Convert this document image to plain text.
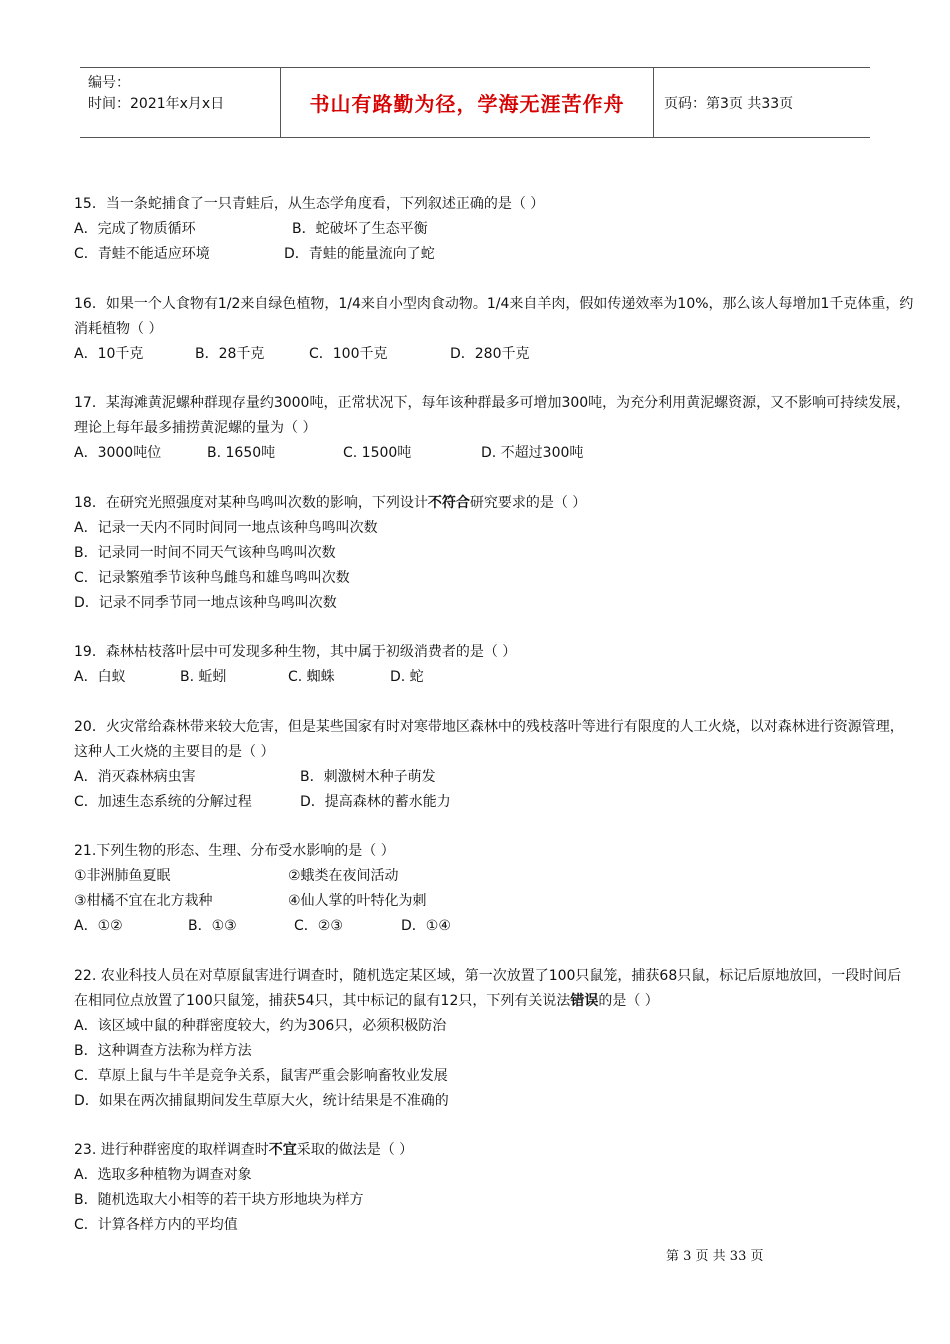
编号：
时间：2021年x月x日	书山有路勤为径，学海无涯苦作舟	页码：第3页 共33页
15．当一条蛇捕食了一只青蛙后，从生态学角度看，下列叙述正确的是（ ）
A．完成了物质循环	B．蛇破坏了生态平衡
C．青蛙不能适应环境	D．青蛙的能量流向了蛇
16．如果一个人食物有1/2来自绿色植物，1/4来自小型肉食动物。1/4来自羊肉，假如传递效率为10%，那么该人每增加1千克体重，约消耗植物（ ）
A．10千克	B．28千克	C．100千克	D．280千克
17．某海滩黄泥螺种群现存量约3000吨，正常状况下，每年该种群最多可增加300吨，为充分利用黄泥螺资源，又不影响可持续发展，理论上每年最多捕捞黄泥螺的量为（ ）
A．3000吨位	B. 1650吨	C. 1500吨	D. 不超过300吨
18．在研究光照强度对某种鸟鸣叫次数的影响，下列设计不符合研究要求的是（ ）
A．记录一天内不同时间同一地点该种鸟鸣叫次数
B．记录同一时间不同天气该种鸟鸣叫次数
C．记录繁殖季节该种鸟雌鸟和雄鸟鸣叫次数
D．记录不同季节同一地点该种鸟鸣叫次数
19．森林枯枝落叶层中可发现多种生物，其中属于初级消费者的是（ ）
A．白蚁	B. 蚯蚓	C. 蜘蛛	D. 蛇
20．火灾常给森林带来较大危害，但是某些国家有时对寒带地区森林中的残枝落叶等进行有限度的人工火烧，以对森林进行资源管理，这种人工火烧的主要目的是（ ）
A．消灭森林病虫害	B．刺激树木种子萌发
C．加速生态系统的分解过程	D．提高森林的蓄水能力
21.下列生物的形态、生理、分布受水影响的是（ ）
①非洲肺鱼夏眠	②蛾类在夜间活动
③柑橘不宜在北方栽种	④仙人掌的叶特化为刺
A．①②	B．①③	C．②③	D．①④
22. 农业科技人员在对草原鼠害进行调查时，随机选定某区域，第一次放置了100只鼠笼，捕获68只鼠，标记后原地放回，一段时间后在相同位点放置了100只鼠笼，捕获54只，其中标记的鼠有12只，下列有关说法错误的是（ ）
A．该区域中鼠的种群密度较大，约为306只，必须积极防治
B．这种调查方法称为样方法
C．草原上鼠与牛羊是竞争关系，鼠害严重会影响畜牧业发展
D．如果在两次捕鼠期间发生草原大火，统计结果是不准确的
23. 进行种群密度的取样调查时不宜采取的做法是（ ）
A．选取多种植物为调查对象
B．随机选取大小相等的若干块方形地块为样方
C．计算各样方内的平均值
第 3 页 共 33 页
